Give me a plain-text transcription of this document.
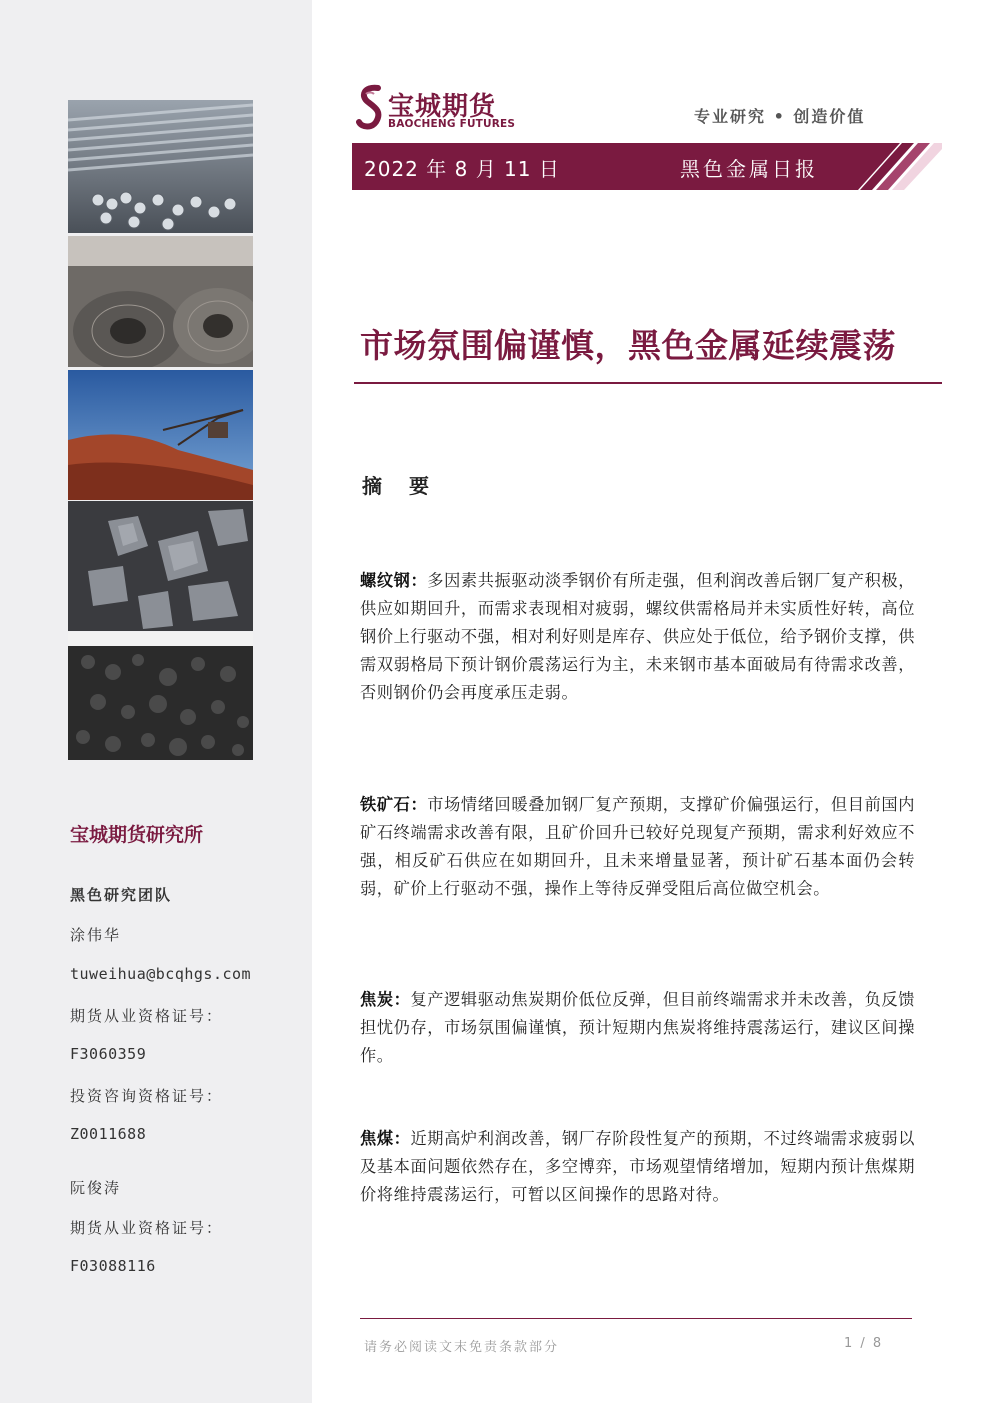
宝城期货研究所
黑色研究团队
涂伟华
tuweihua@bcqhgs.com
期货从业资格证号：
F3060359
投资咨询资格证号：
Z0011688
阮俊涛
期货从业资格证号：
F03088116
宝城期货
BAOCHENG FUTURES	专业研究 • 创造价值
2022 年 8 月 11 日	黑色金属日报
市场氛围偏谨慎，黑色金属延续震荡
摘 要
螺纹钢：多因素共振驱动淡季钢价有所走强，但利润改善后钢厂复产积极，供应如期回升，而需求表现相对疲弱，螺纹供需格局并未实质性好转，高位钢价上行驱动不强，相对利好则是库存、供应处于低位，给予钢价支撑，供需双弱格局下预计钢价震荡运行为主，未来钢市基本面破局有待需求改善，否则钢价仍会再度承压走弱。
铁矿石：市场情绪回暖叠加钢厂复产预期，支撑矿价偏强运行，但目前国内矿石终端需求改善有限，且矿价回升已较好兑现复产预期，需求利好效应不强，相反矿石供应在如期回升，且未来增量显著，预计矿石基本面仍会转弱，矿价上行驱动不强，操作上等待反弹受阻后高位做空机会。
焦炭：复产逻辑驱动焦炭期价低位反弹，但目前终端需求并未改善，负反馈担忧仍存，市场氛围偏谨慎，预计短期内焦炭将维持震荡运行，建议区间操作。
焦煤：近期高炉利润改善，钢厂存阶段性复产的预期，不过终端需求疲弱以及基本面问题依然存在，多空博弈，市场观望情绪增加，短期内预计焦煤期价将维持震荡运行，可暂以区间操作的思路对待。
请务必阅读文末免责条款部分	1 / 8
